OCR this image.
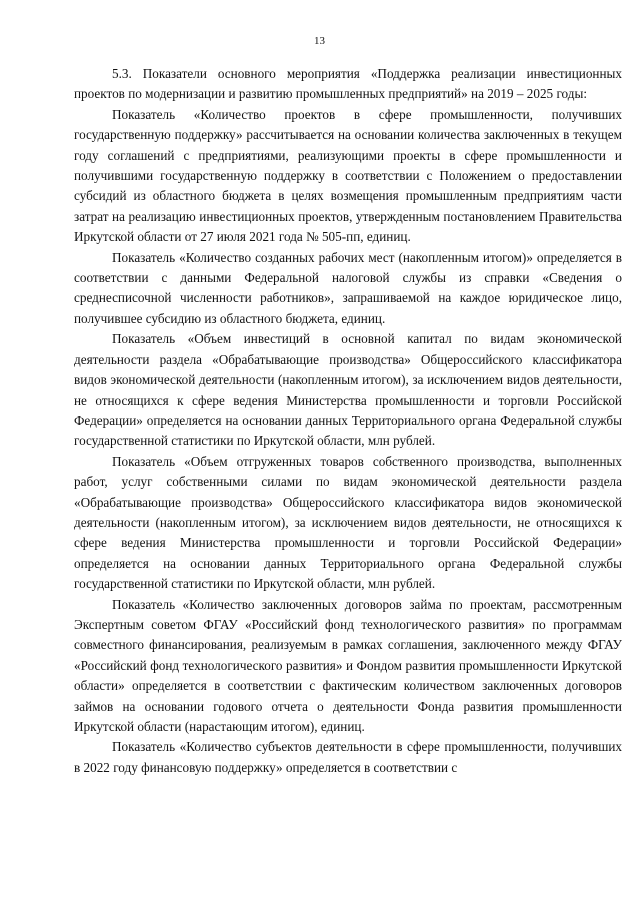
13

5.3. Показатели основного мероприятия «Поддержка реализации инвестиционных проектов по модернизации и развитию промышленных предприятий» на 2019 – 2025 годы:

Показатель «Количество проектов в сфере промышленности, получивших государственную поддержку» рассчитывается на основании количества заключенных в текущем году соглашений с предприятиями, реализующими проекты в сфере промышленности и получившими государственную поддержку в соответствии с Положением о предоставлении субсидий из областного бюджета в целях возмещения промышленным предприятиям части затрат на реализацию инвестиционных проектов, утвержденным постановлением Правительства Иркутской области от 27 июля 2021 года № 505-пп, единиц.

Показатель «Количество созданных рабочих мест (накопленным итогом)» определяется в соответствии с данными Федеральной налоговой службы из справки «Сведения о среднесписочной численности работников», запрашиваемой на каждое юридическое лицо, получившее субсидию из областного бюджета, единиц.

Показатель «Объем инвестиций в основной капитал по видам экономической деятельности раздела «Обрабатывающие производства» Общероссийского классификатора видов экономической деятельности (накопленным итогом), за исключением видов деятельности, не относящихся к сфере ведения Министерства промышленности и торговли Российской Федерации» определяется на основании данных Территориального органа Федеральной службы государственной статистики по Иркутской области, млн рублей.

Показатель «Объем отгруженных товаров собственного производства, выполненных работ, услуг собственными силами по видам экономической деятельности раздела «Обрабатывающие производства» Общероссийского классификатора видов экономической деятельности (накопленным итогом), за исключением видов деятельности, не относящихся к сфере ведения Министерства промышленности и торговли Российской Федерации» определяется на основании данных Территориального органа Федеральной службы государственной статистики по Иркутской области, млн рублей.

Показатель «Количество заключенных договоров займа по проектам, рассмотренным Экспертным советом ФГАУ «Российский фонд технологического развития» по программам совместного финансирования, реализуемым в рамках соглашения, заключенного между ФГАУ «Российский фонд технологического развития» и Фондом развития промышленности Иркутской области» определяется в соответствии с фактическим количеством заключенных договоров займов на основании годового отчета о деятельности Фонда развития промышленности Иркутской области (нарастающим итогом), единиц.

Показатель «Количество субъектов деятельности в сфере промышленности, получивших в 2022 году финансовую поддержку» определяется в соответствии с
